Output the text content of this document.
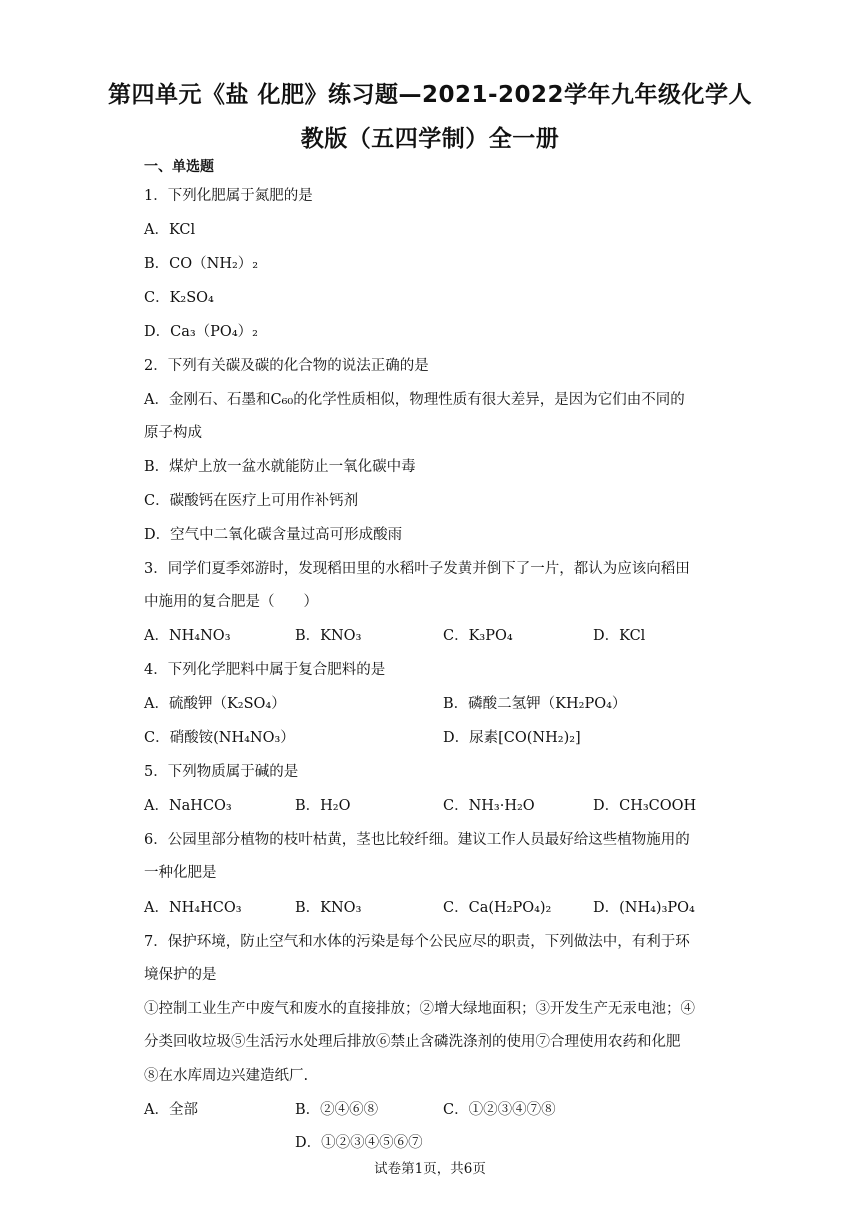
第四单元《盐 化肥》练习题—2021-2022学年九年级化学人
教版（五四学制）全一册
一、单选题
1．下列化肥属于氮肥的是
A．KCl
B．CO（NH₂）₂
C．K₂SO₄
D．Ca₃（PO₄）₂
2．下列有关碳及碳的化合物的说法正确的是
A．金刚石、石墨和C₆₀的化学性质相似，物理性质有很大差异，是因为它们由不同的
原子构成
B．煤炉上放一盆水就能防止一氧化碳中毒
C．碳酸钙在医疗上可用作补钙剂
D．空气中二氧化碳含量过高可形成酸雨
3．同学们夏季郊游时，发现稻田里的水稻叶子发黄并倒下了一片，都认为应该向稻田
中施用的复合肥是（　　）
A．NH₄NO₃	B．KNO₃	C．K₃PO₄	D．KCl
4．下列化学肥料中属于复合肥料的是
A．硫酸钾（K₂SO₄）	B．磷酸二氢钾（KH₂PO₄）
C．硝酸铵(NH₄NO₃）	D．尿素[CO(NH₂)₂]
5．下列物质属于碱的是
A．NaHCO₃	B．H₂O	C．NH₃·H₂O	D．CH₃COOH
6．公园里部分植物的枝叶枯黄，茎也比较纤细。建议工作人员最好给这些植物施用的
一种化肥是
A．NH₄HCO₃	B．KNO₃	C．Ca(H₂PO₄)₂	D．(NH₄)₃PO₄
7．保护环境，防止空气和水体的污染是每个公民应尽的职责，下列做法中，有利于环
境保护的是
①控制工业生产中废气和废水的直接排放；②增大绿地面积；③开发生产无汞电池；④
分类回收垃圾⑤生活污水处理后排放⑥禁止含磷洗涤剂的使用⑦合理使用农药和化肥
⑧在水库周边兴建造纸厂.
A．全部	B．②④⑥⑧	C．①②③④⑦⑧
D．①②③④⑤⑥⑦
试卷第1页，共6页
